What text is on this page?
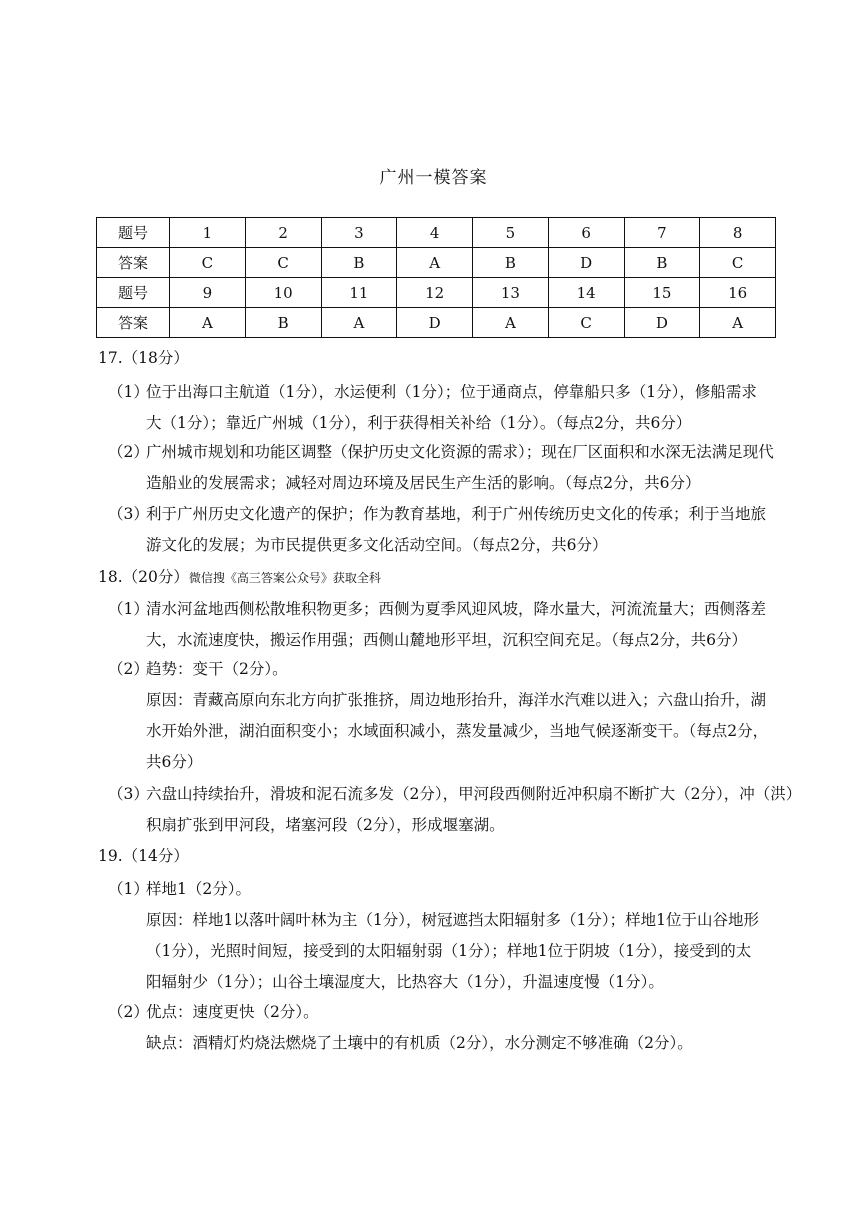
广州一模答案
题号	1	2	3	4	5	6	7	8
答案	C	C	B	A	B	D	B	C
题号	9	10	11	12	13	14	15	16
答案	A	B	A	D	A	C	D	A
17.（18分）
（1）
位于出海口主航道（1分），水运便利（1分）；位于通商点，停靠船只多（1分），修船需求
大（1分）；靠近广州城（1分），利于获得相关补给（1分）。（每点2分，共6分）
（2）
广州城市规划和功能区调整（保护历史文化资源的需求）；现在厂区面积和水深无法满足现代
造船业的发展需求；减轻对周边环境及居民生产生活的影响。（每点2分，共6分）
（3）
利于广州历史文化遗产的保护；作为教育基地，利于广州传统历史文化的传承；利于当地旅
游文化的发展；为市民提供更多文化活动空间。（每点2分，共6分）
18.（20分）微信搜《高三答案公众号》获取全科
（1）
清水河盆地西侧松散堆积物更多；西侧为夏季风迎风坡，降水量大，河流流量大；西侧落差
大，水流速度快，搬运作用强；西侧山麓地形平坦，沉积空间充足。（每点2分，共6分）
（2）
趋势：变干（2分）。
原因：青藏高原向东北方向扩张推挤，周边地形抬升，海洋水汽难以进入；六盘山抬升，湖
水开始外泄，湖泊面积变小；水域面积减小，蒸发量减少，当地气候逐渐变干。（每点2分，
共6分）
（3）
六盘山持续抬升，滑坡和泥石流多发（2分），甲河段西侧附近冲积扇不断扩大（2分），冲（洪）
积扇扩张到甲河段，堵塞河段（2分），形成堰塞湖。
19.（14分）
（1）
样地1（2分）。
原因：样地1以落叶阔叶林为主（1分），树冠遮挡太阳辐射多（1分）；样地1位于山谷地形
（1分），光照时间短，接受到的太阳辐射弱（1分）；样地1位于阴坡（1分），接受到的太
阳辐射少（1分）；山谷土壤湿度大，比热容大（1分），升温速度慢（1分）。
（2）
优点：速度更快（2分）。
缺点：酒精灯灼烧法燃烧了土壤中的有机质（2分），水分测定不够准确（2分）。
